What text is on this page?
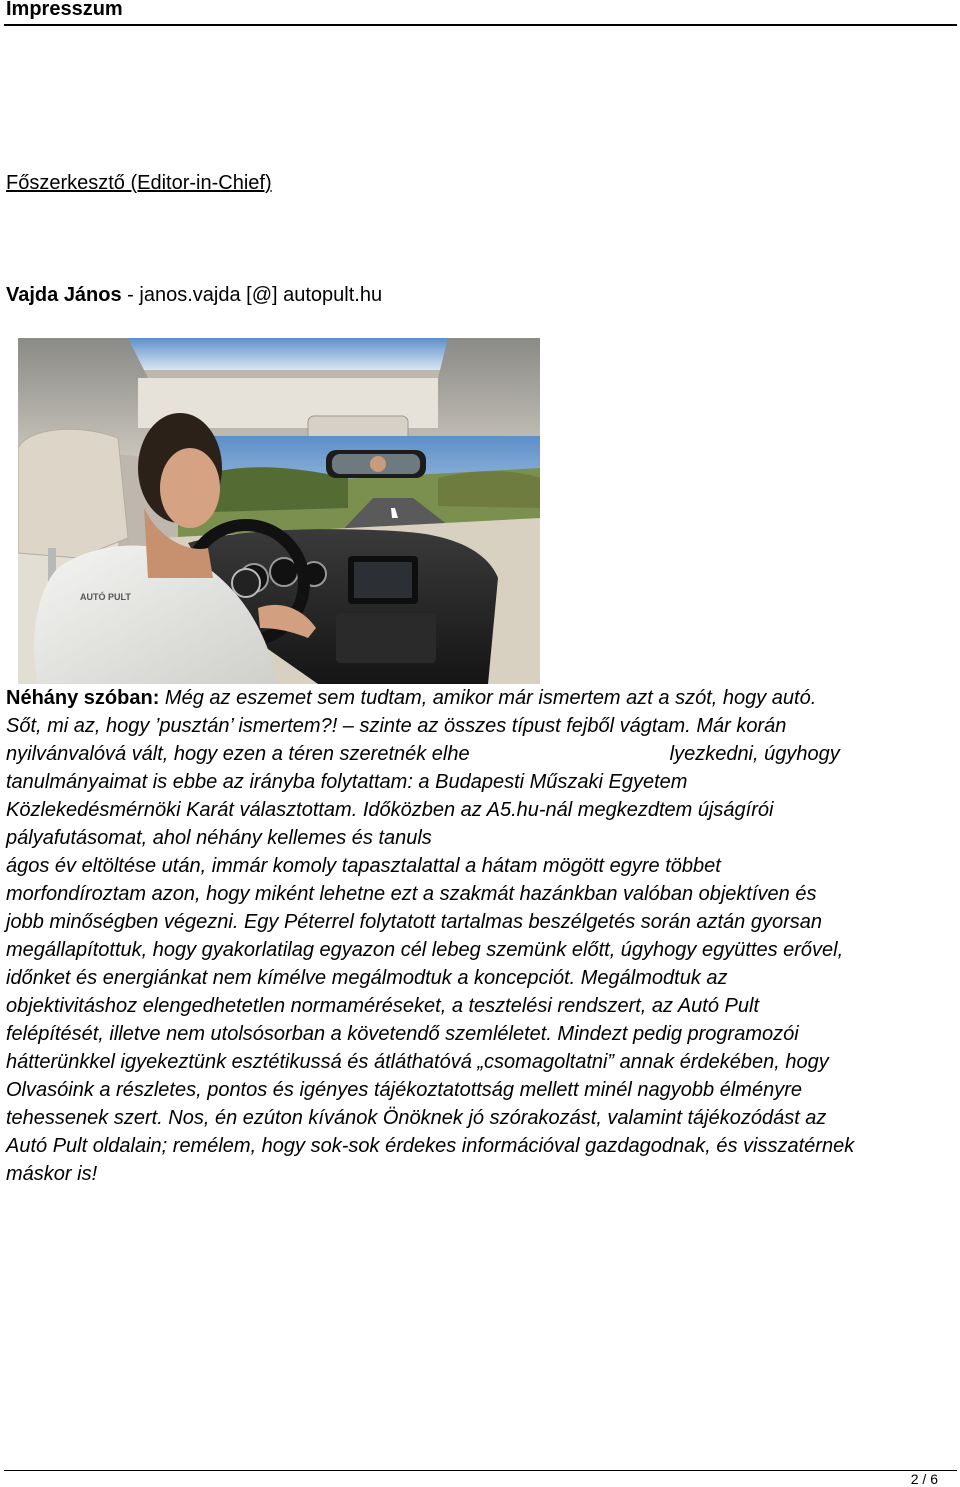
Impresszum
Főszerkesztő (Editor-in-Chief)
Vajda János - janos.vajda [@] autopult.hu
AUTÓ PULT
Néhány szóban: Még az eszemet sem tudtam, amikor már ismertem azt a szót, hogy autó.
Sőt, mi az, hogy ’pusztán’ ismertem?! – szinte az összes típust fejből vágtam. Már korán
nyilvánvalóvá vált, hogy ezen a téren szeretnék elhe	lyezkedni, úgyhogy
tanulmányaimat is ebbe az irányba folytattam: a Budapesti Műszaki Egyetem
Közlekedésmérnöki Karát választottam. Időközben az A5.hu-nál megkezdtem újságírói
pályafutásomat, ahol néhány kellemes és tanuls
ágos év eltöltése után, immár komoly tapasztalattal a hátam mögött egyre többet
morfondíroztam azon, hogy miként lehetne ezt a szakmát hazánkban valóban objektíven és
jobb minőségben végezni. Egy Péterrel folytatott tartalmas beszélgetés során aztán gyorsan
megállapítottuk, hogy gyakorlatilag egyazon cél lebeg szemünk előtt, úgyhogy együttes erővel,
időnket és energiánkat nem kímélve megálmodtuk a koncepciót. Megálmodtuk az
objektivitáshoz elengedhetetlen normaméréseket, a tesztelési rendszert, az Autó Pult
felépítését, illetve nem utolsósorban a követendő szemléletet. Mindezt pedig programozói
hátterünkkel igyekeztünk esztétikussá és átláthatóvá „csomagoltatni” annak érdekében, hogy
Olvasóink a részletes, pontos és igényes tájékoztatottság mellett minél nagyobb élményre
tehessenek szert. Nos, én ezúton kívánok Önöknek jó szórakozást, valamint tájékozódást az
Autó Pult oldalain; remélem, hogy sok-sok érdekes információval gazdagodnak, és visszatérnek
máskor is!
2 / 6
